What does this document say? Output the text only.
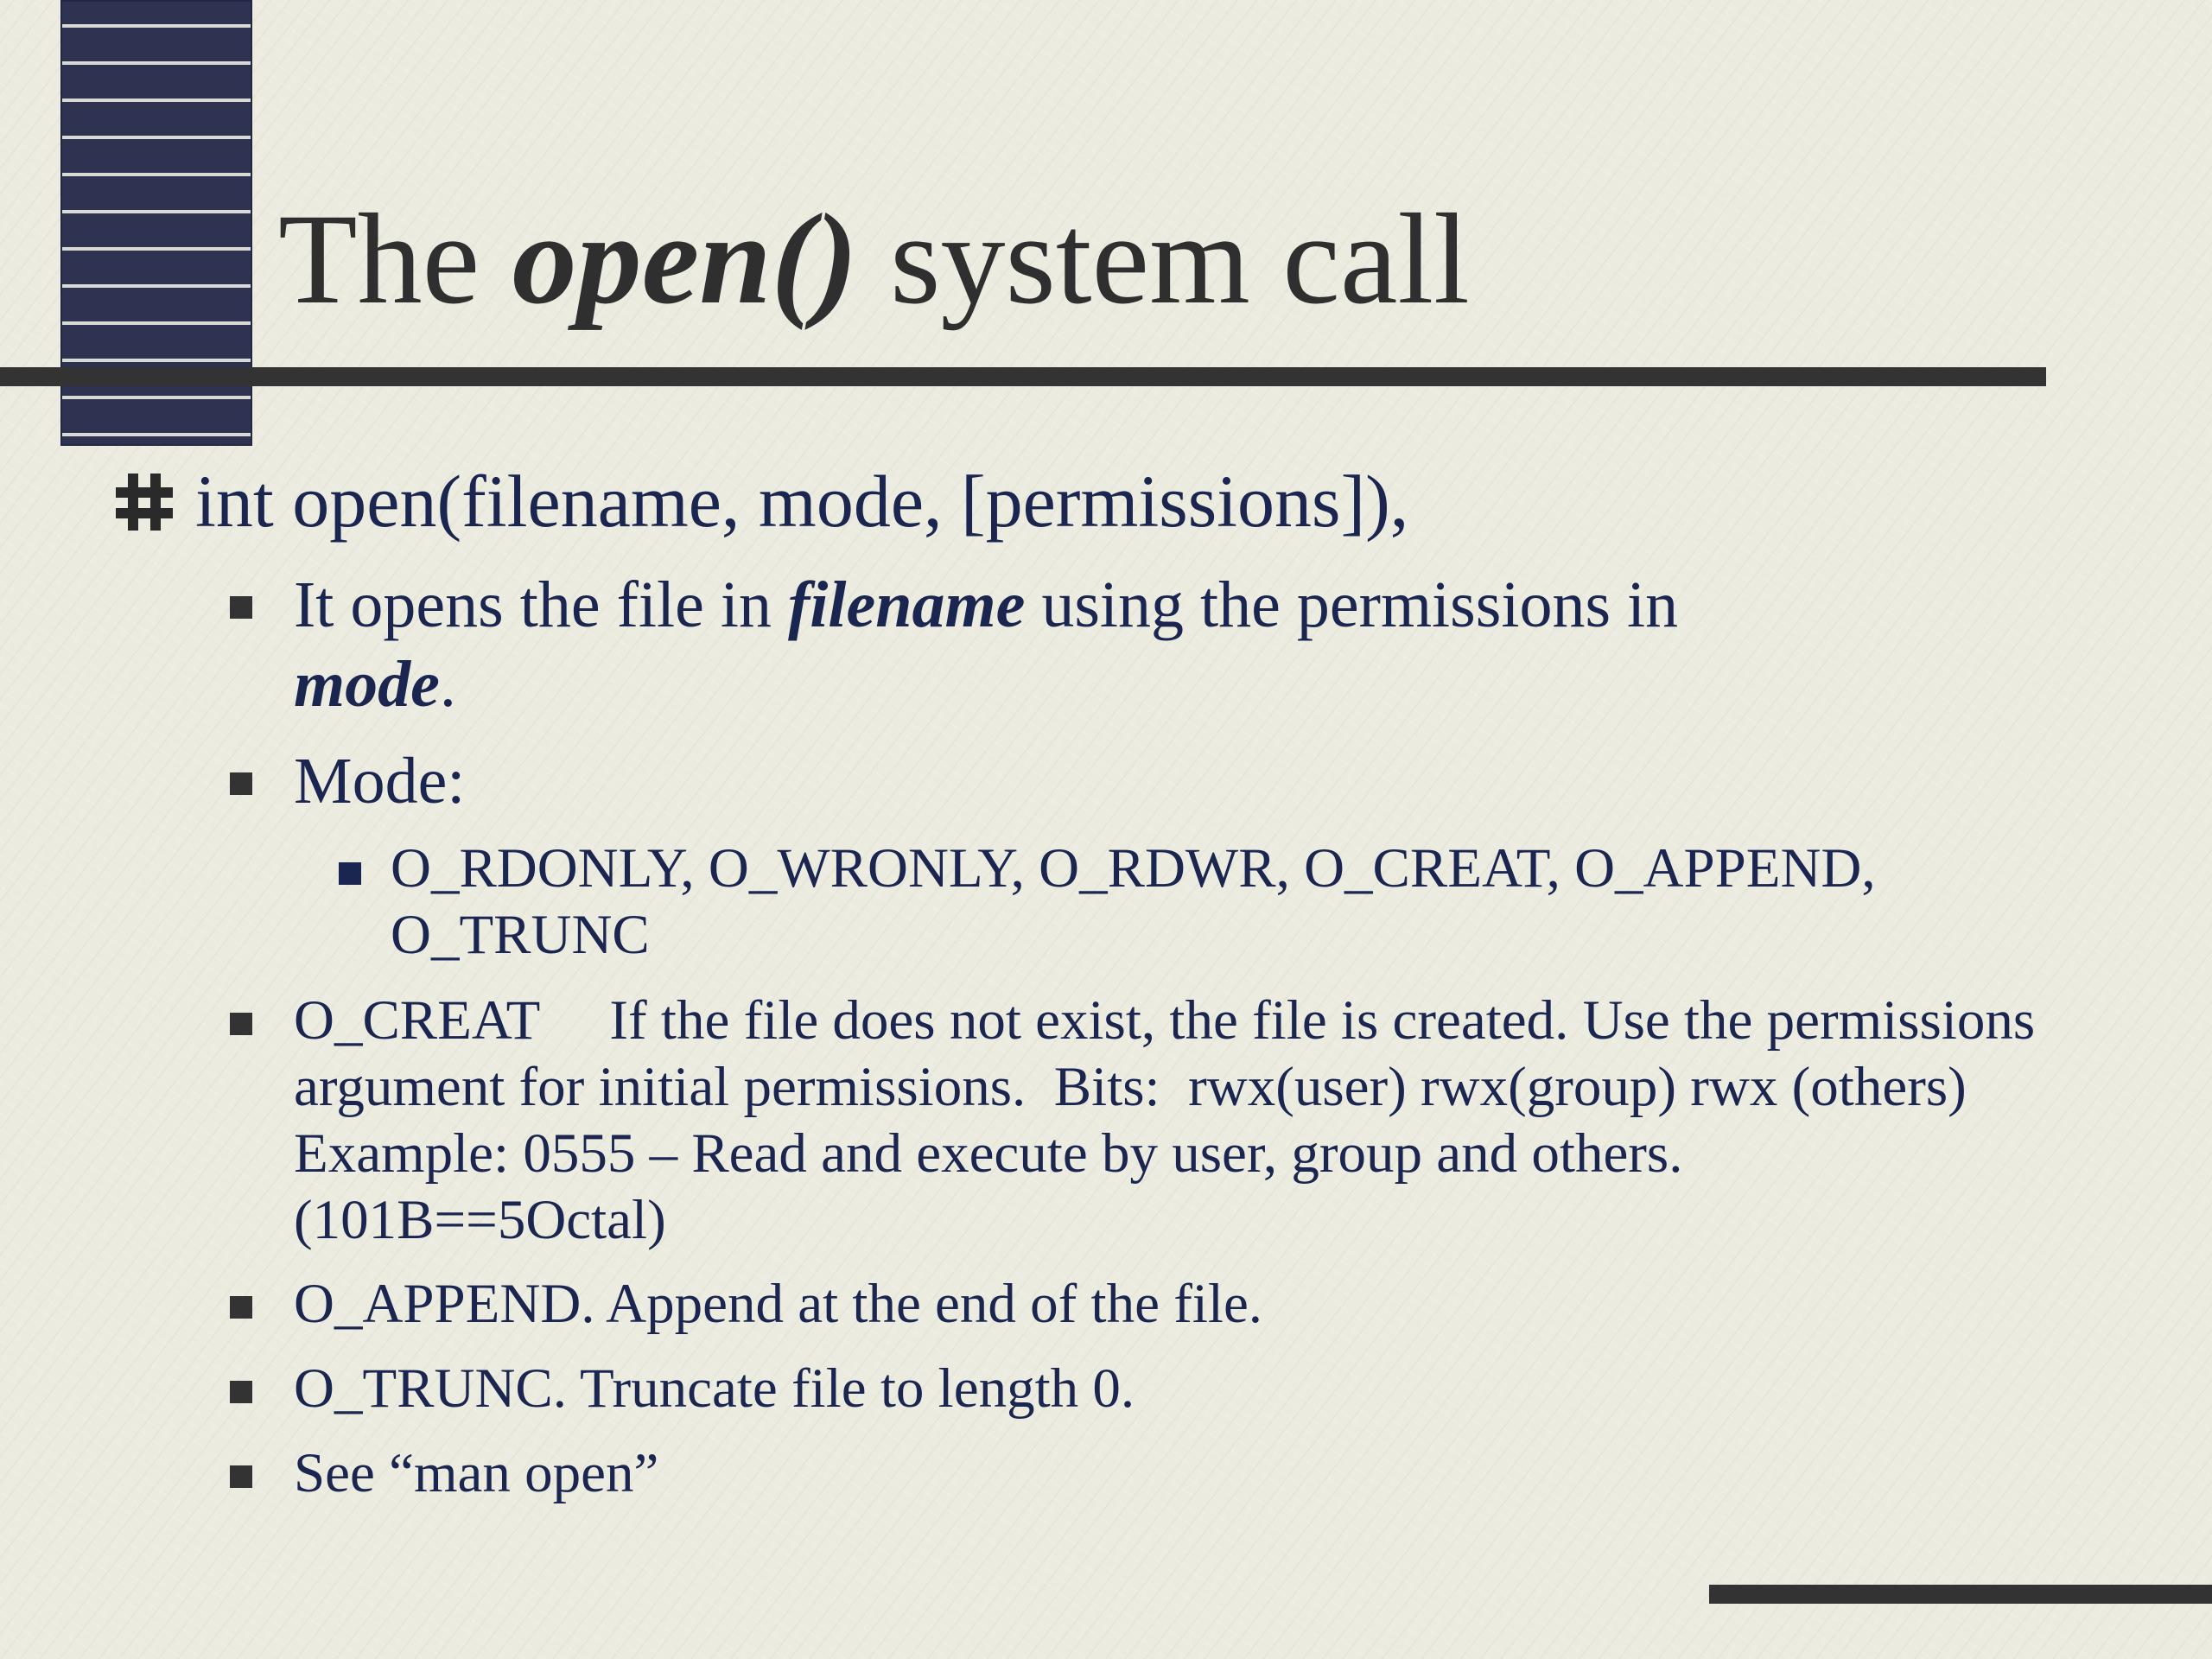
The open() system call
int open(filename, mode, [permissions]),
It opens the file in filename using the permissions in
mode.
Mode:
O_RDONLY, O_WRONLY, O_RDWR, O_CREAT, O_APPEND, O_TRUNC
O_CREAT     If the file does not exist, the file is created. Use the permissions argument for initial permissions.  Bits:  rwx(user) rwx(group) rwx (others) Example: 0555 – Read and execute by user, group and others. (101B==5Octal)
O_APPEND. Append at the end of the file.
O_TRUNC. Truncate file to length 0.
See “man open”
